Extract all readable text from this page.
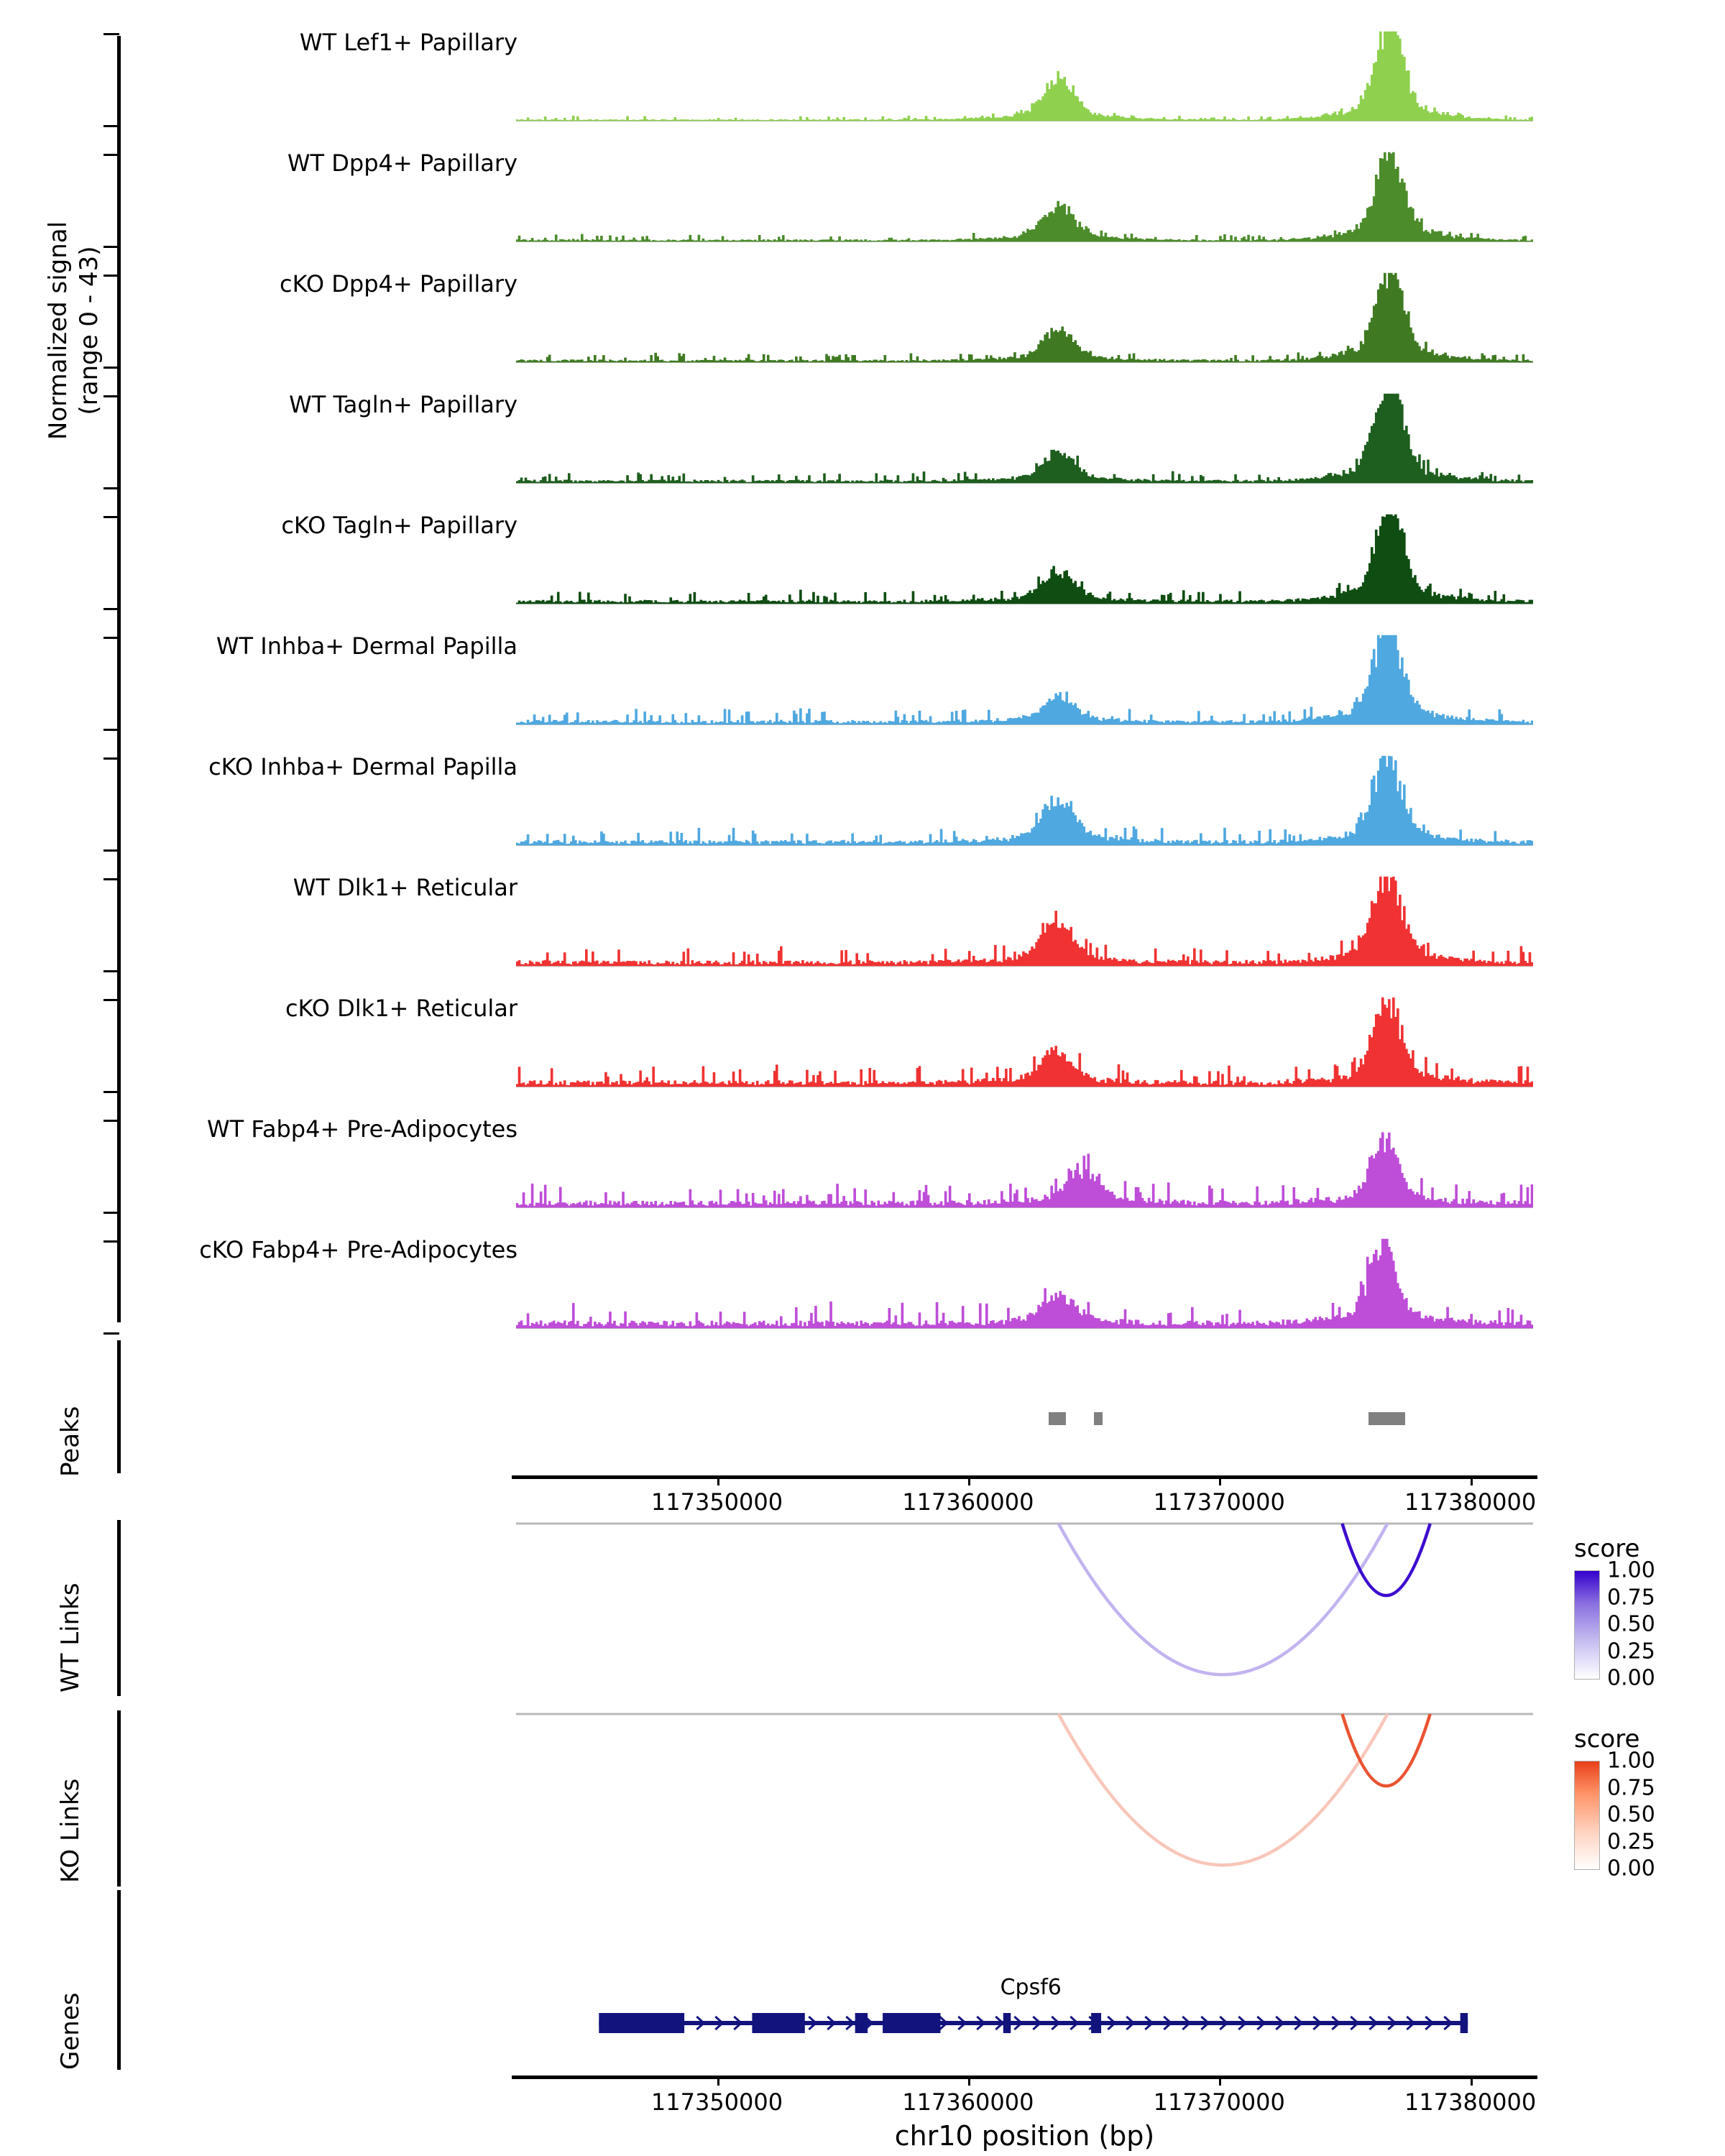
Normalized signal
(range 0 - 43)
WT Lef1+ Papillary
WT Dpp4+ Papillary
cKO Dpp4+ Papillary
WT Tagln+ Papillary
cKO Tagln+ Papillary
WT Inhba+ Dermal Papilla
cKO Inhba+ Dermal Papilla
WT Dlk1+ Reticular
cKO Dlk1+ Reticular
WT Fabp4+ Pre-Adipocytes
cKO Fabp4+ Pre-Adipocytes
Peaks
117350000	117360000	117370000	117380000
WT Links
score
1.00
0.75
0.50
0.25
0.00
KO Links
score
1.00
0.75
0.50
0.25
0.00
Genes
Cpsf6
117350000	117360000	117370000	117380000
chr10 position (bp)
